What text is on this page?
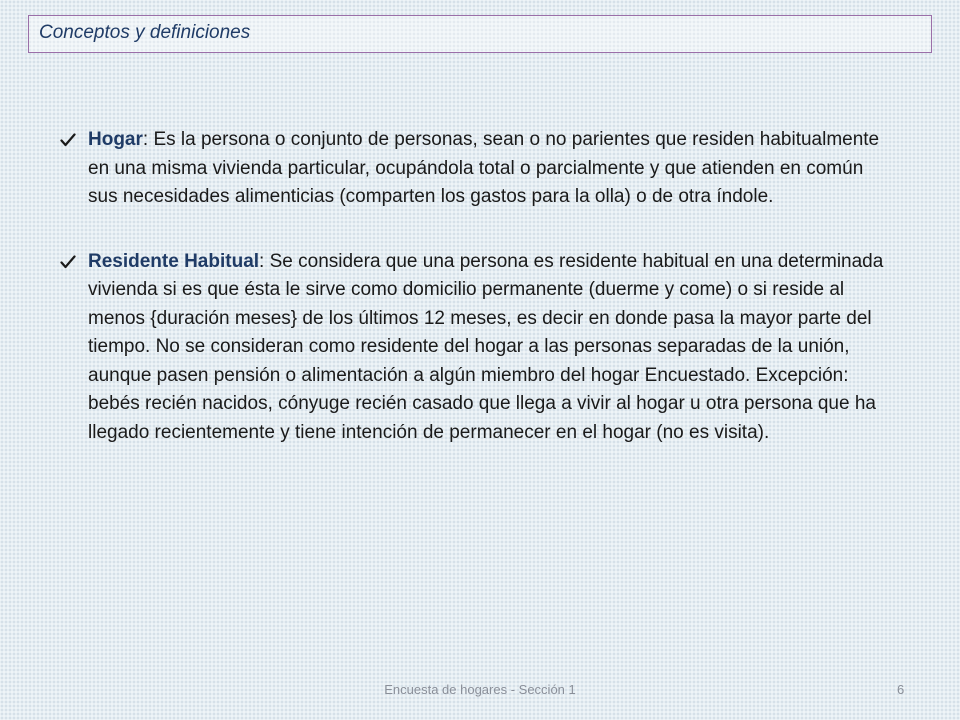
Conceptos y definiciones
Hogar: Es la persona o conjunto de personas, sean o no parientes que residen habitualmente en una misma vivienda particular, ocupándola total o parcialmente y que atienden en común sus necesidades alimenticias (comparten los gastos para la olla) o de otra índole.
Residente Habitual: Se considera que una persona es residente habitual en una determinada vivienda si es que ésta le sirve como domicilio permanente (duerme y come) o si reside al menos {duración meses} de los últimos 12 meses, es decir en donde pasa la mayor parte del tiempo. No se consideran como residente del hogar a las personas separadas de la unión, aunque pasen pensión o alimentación a algún miembro del hogar Encuestado. Excepción: bebés recién nacidos, cónyuge recién casado que llega a vivir al hogar u otra persona que ha llegado recientemente y tiene intención de permanecer en el hogar (no es visita).
Encuesta de hogares - Sección 1	6
